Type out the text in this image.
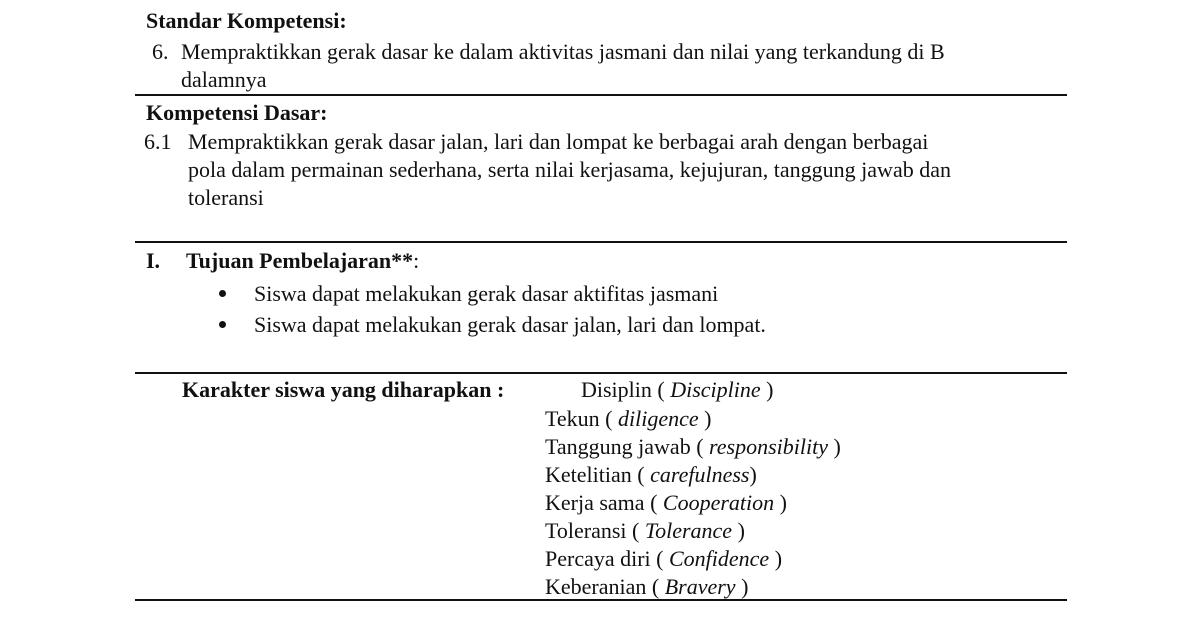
Standar Kompetensi:
6. Mempraktikkan gerak dasar ke dalam aktivitas jasmani dan nilai yang terkandung di B
dalamnya
Kompetensi Dasar:
6.1 Mempraktikkan gerak dasar jalan, lari dan lompat ke berbagai arah dengan berbagai
pola dalam permainan sederhana, serta nilai kerjasama, kejujuran, tanggung jawab dan
toleransi
I. Tujuan Pembelajaran**:
Siswa dapat melakukan gerak dasar aktifitas jasmani
Siswa dapat melakukan gerak dasar jalan, lari dan lompat.
Karakter siswa yang diharapkan :	Disiplin ( Discipline )
Tekun ( diligence )
Tanggung jawab ( responsibility )
Ketelitian ( carefulness)
Kerja sama ( Cooperation )
Toleransi ( Tolerance )
Percaya diri ( Confidence )
Keberanian ( Bravery )
